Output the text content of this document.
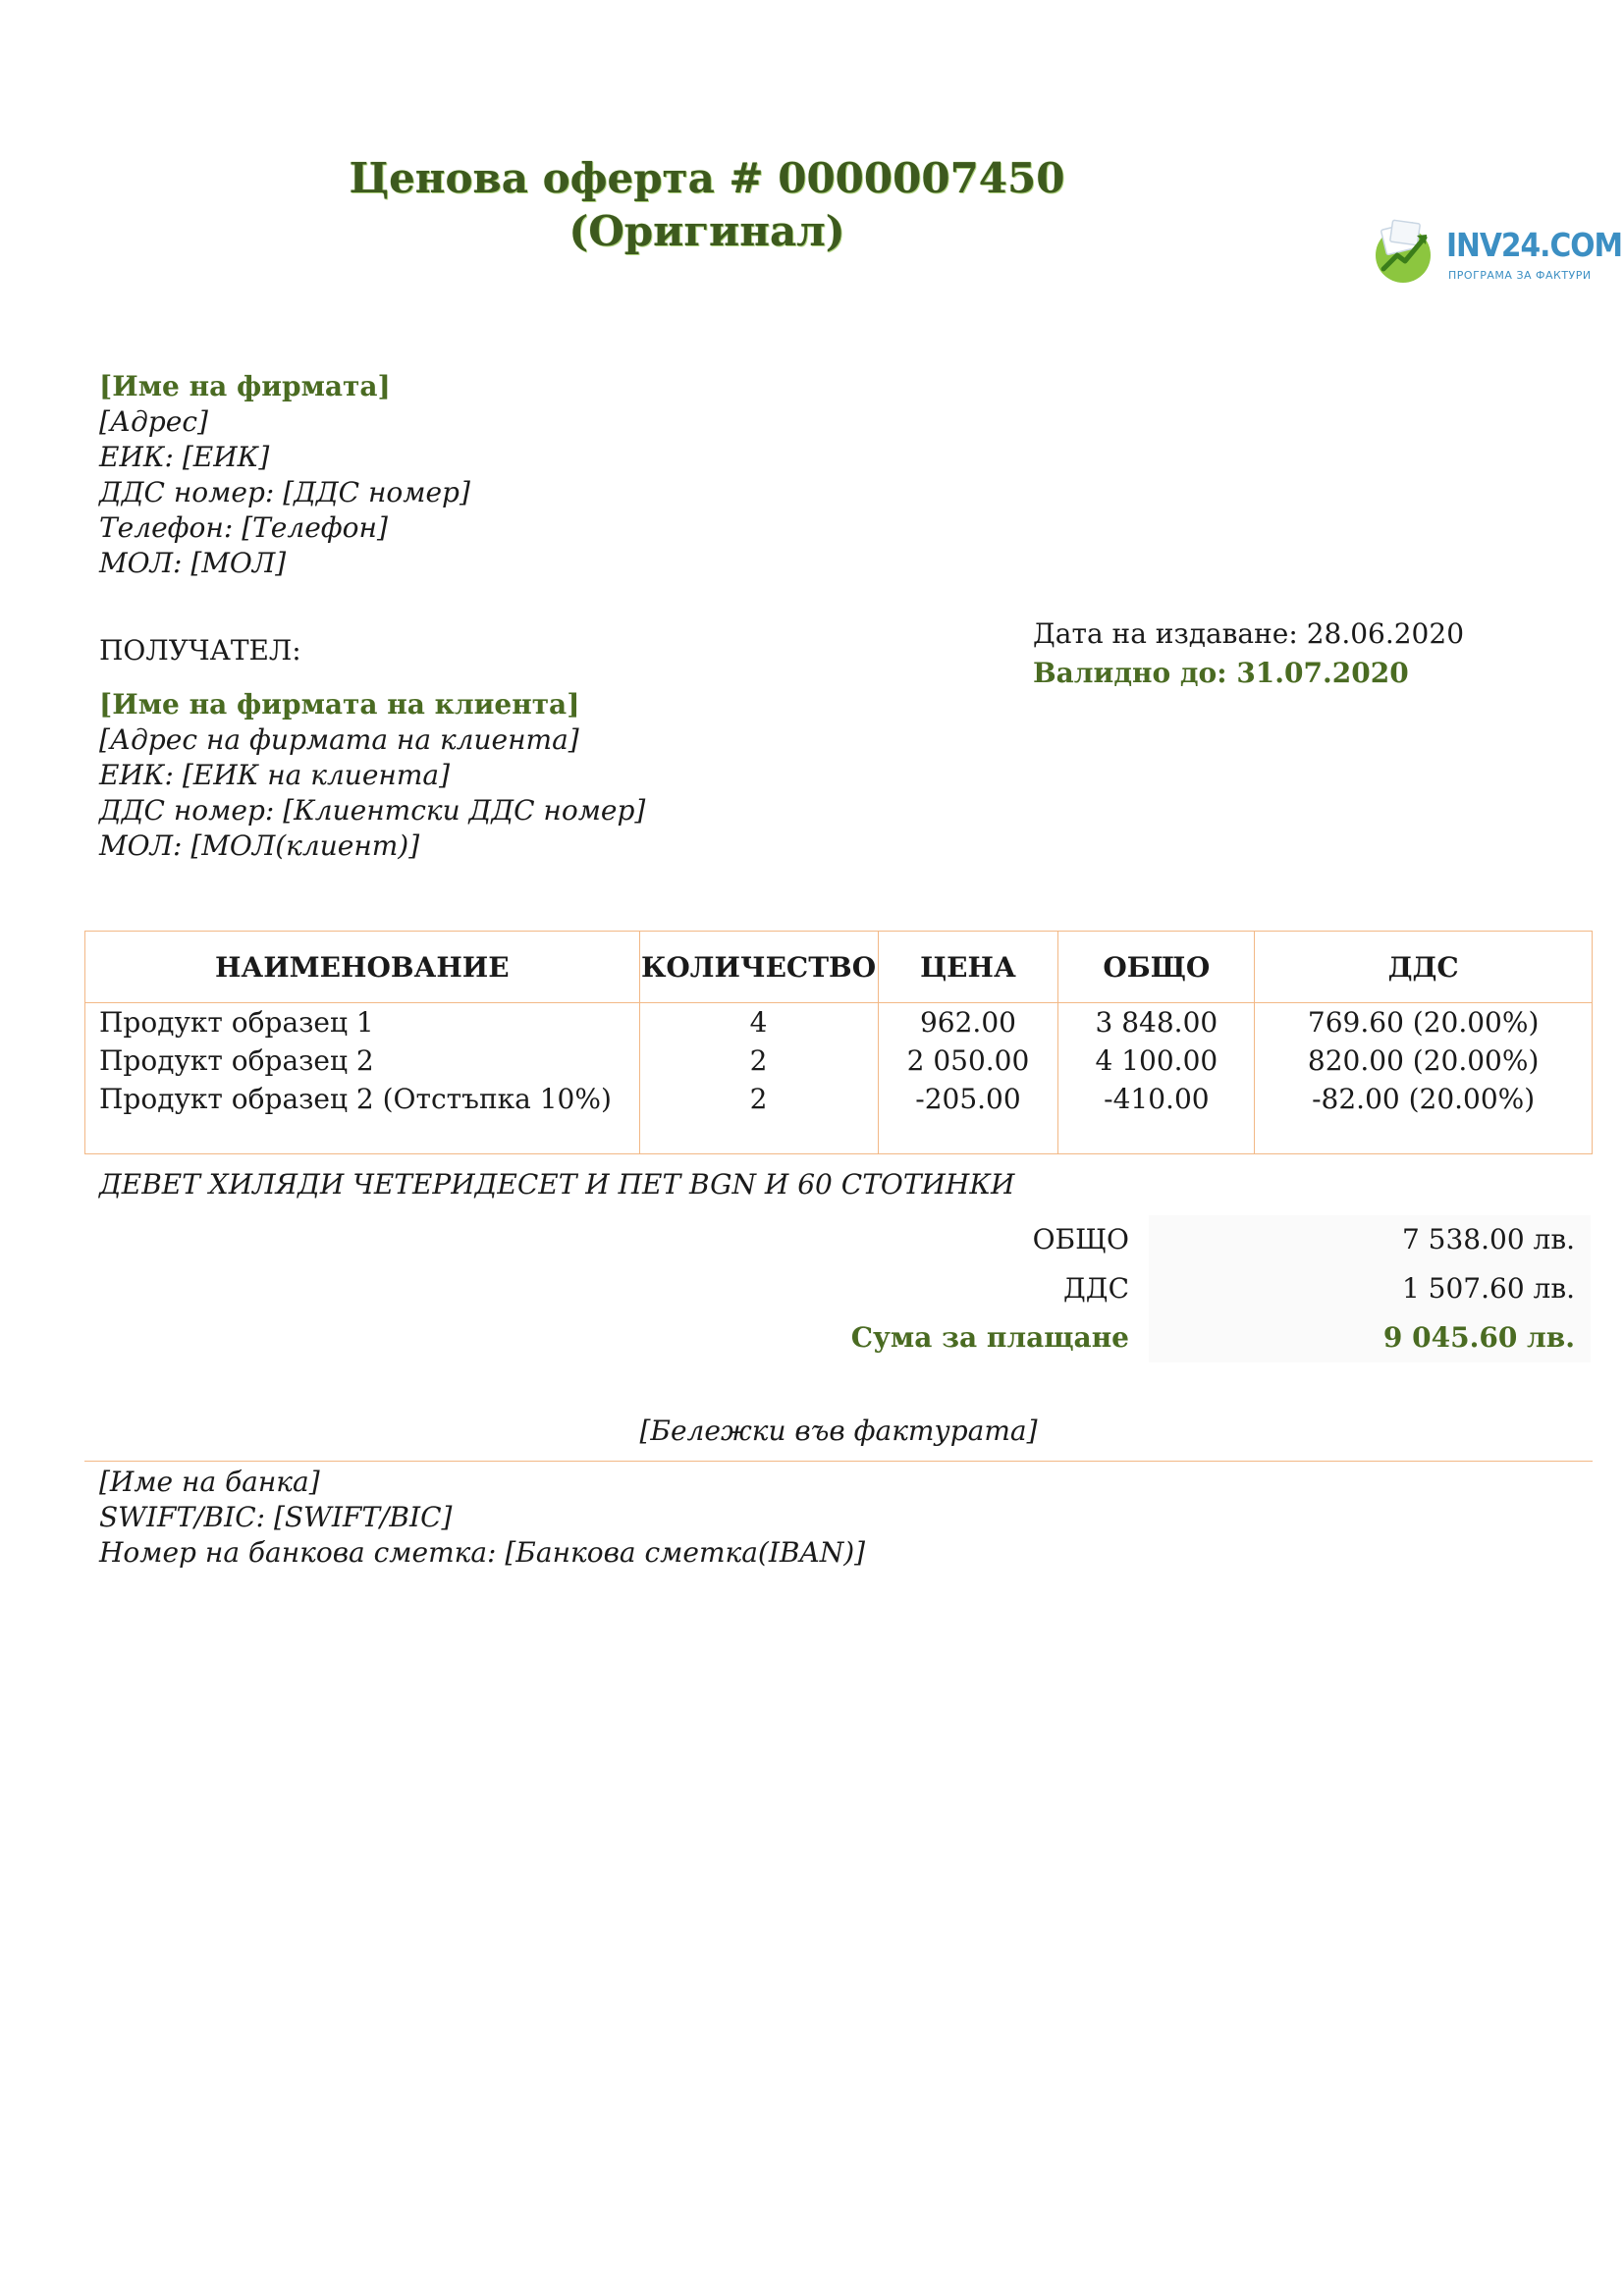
Ценова оферта # 0000007450
(Оригинал)	INV24.COM
ПРОГРАМА ЗА ФАКТУРИ
[Име на фирмата]
[Адрес]
ЕИК: [ЕИК]
ДДС номер: [ДДС номер]
Телефон: [Телефон]
МОЛ: [МОЛ]
ПОЛУЧАТЕЛ:
[Име на фирмата на клиента]
[Адрес на фирмата на клиента]
ЕИК: [ЕИК на клиента]
ДДС номер: [Клиентски ДДС номер]
МОЛ: [МОЛ(клиент)]
Дата на издаване: 28.06.2020
Валидно до: 31.07.2020
НАИМЕНОВАНИЕ	КОЛИЧЕСТВО	ЦЕНА	ОБЩО	ДДС
Продукт образец 1	4	962.00	3 848.00	769.60 (20.00%)
Продукт образец 2	2	2 050.00	4 100.00	820.00 (20.00%)
Продукт образец 2 (Отстъпка 10%)	2	-205.00	-410.00	-82.00 (20.00%)
ДЕВЕТ ХИЛЯДИ ЧЕТЕРИДЕСЕТ И ПЕТ BGN И 60 СТОТИНКИ
ОБЩО	7 538.00 лв.
ДДС	1 507.60 лв.
Сума за плащане	9 045.60 лв.
[Бележки във фактурата]
[Име на банка]
SWIFT/BIC: [SWIFT/BIC]
Номер на банкова сметка: [Банкова сметка(IBAN)]
